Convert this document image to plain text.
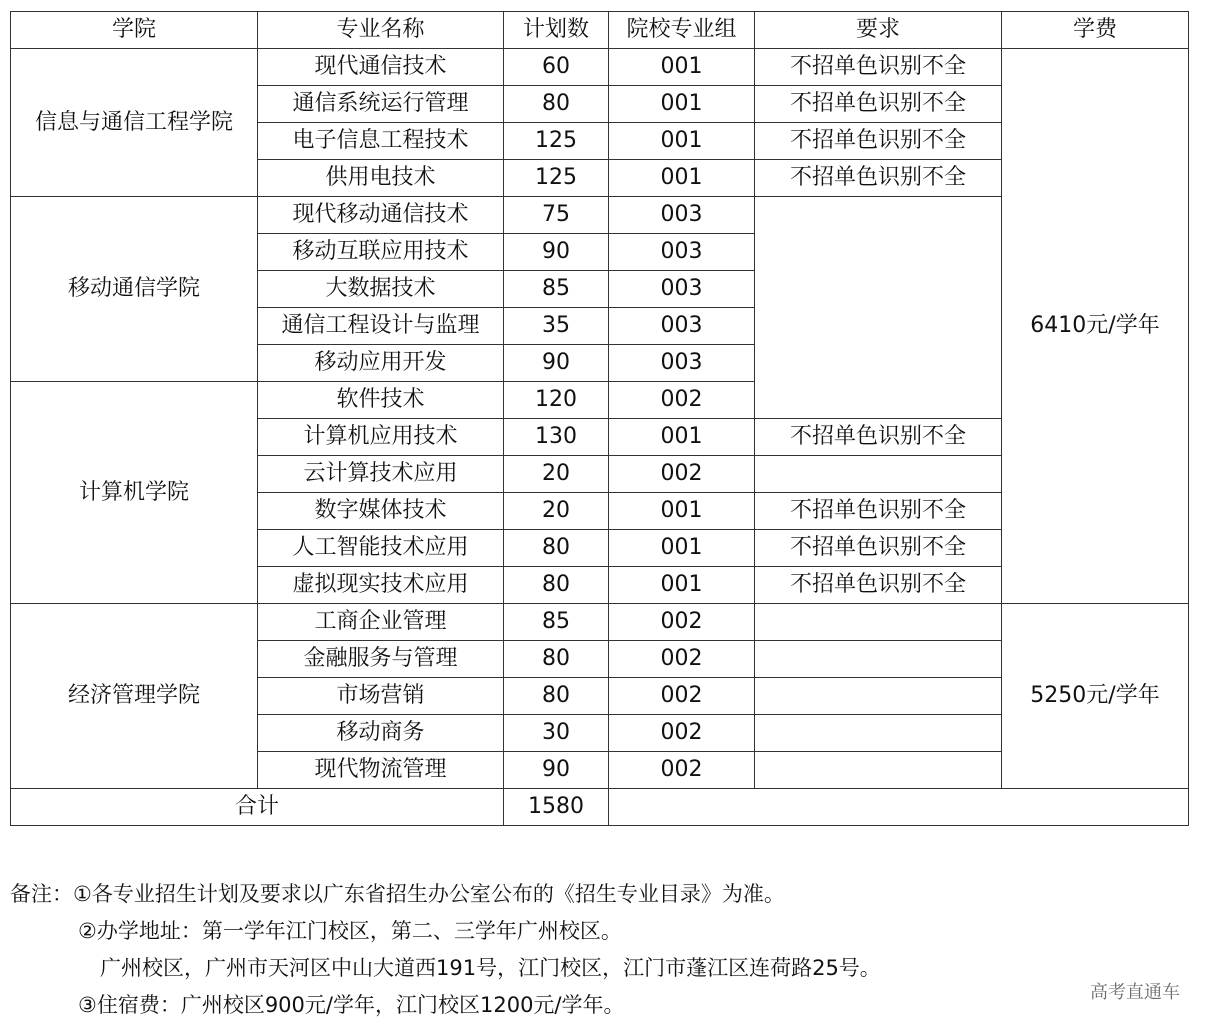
学院	专业名称	计划数	院校专业组	要求	学费
信息与通信工程学院	现代通信技术	60	001	不招单色识别不全	6410元/学年
	通信系统运行管理	80	001	不招单色识别不全	
	电子信息工程技术	125	001	不招单色识别不全	
	供用电技术	125	001	不招单色识别不全	
移动通信学院	现代移动通信技术	75	003		
	移动互联应用技术	90	003		
	大数据技术	85	003		
	通信工程设计与监理	35	003		
	移动应用开发	90	003		
计算机学院	软件技术	120	002		
	计算机应用技术	130	001	不招单色识别不全	
	云计算技术应用	20	002		
	数字媒体技术	20	001	不招单色识别不全	
	人工智能技术应用	80	001	不招单色识别不全	
	虚拟现实技术应用	80	001	不招单色识别不全	
经济管理学院	工商企业管理	85	002		5250元/学年
	金融服务与管理	80	002		
	市场营销	80	002		
	移动商务	30	002		
	现代物流管理	90	002		
合计		1580			
备注：①各专业招生计划及要求以广东省招生办公室公布的《招生专业目录》为准。
②办学地址：第一学年江门校区，第二、三学年广州校区。
广州校区，广州市天河区中山大道西191号，江门校区，江门市蓬江区连荷路25号。
③住宿费：广州校区900元/学年，江门校区1200元/学年。
高考直通车
